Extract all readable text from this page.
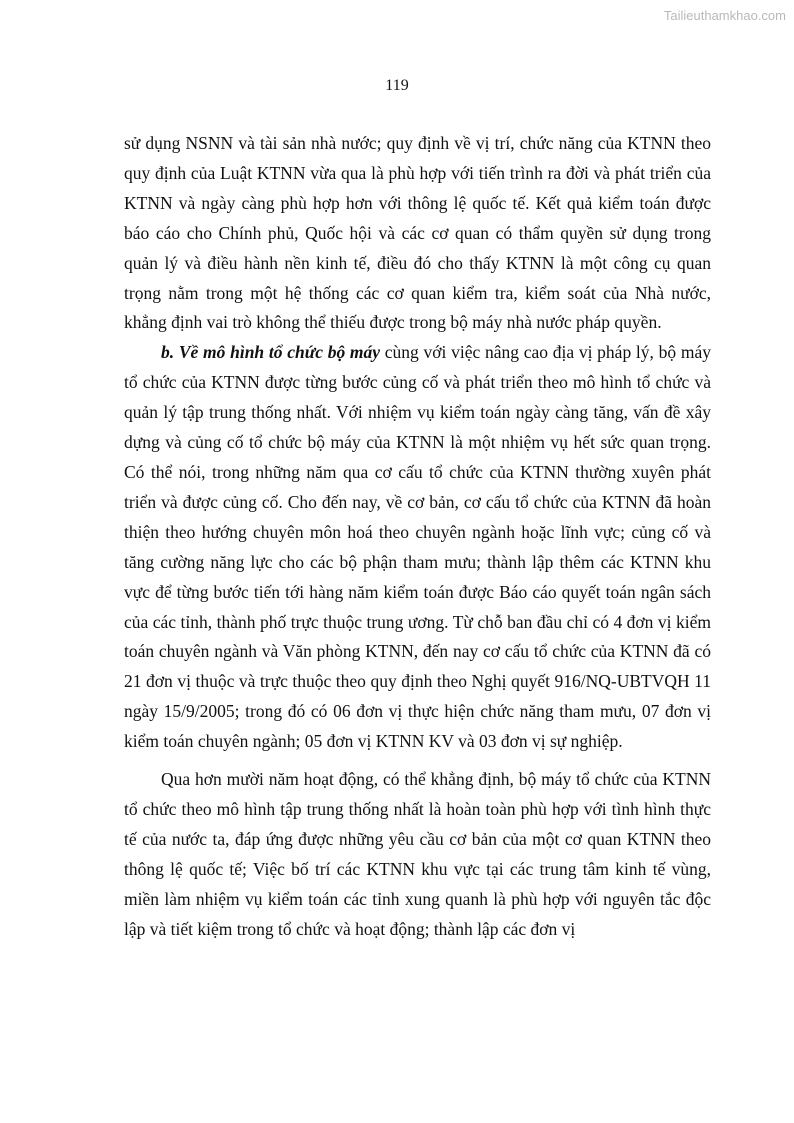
Tailieuthamkhao.com
119

sử dụng NSNN và tài sản nhà nước; quy định về vị trí, chức năng của KTNN theo quy định của Luật KTNN vừa qua là phù hợp với tiến trình ra đời và phát triển của KTNN và ngày càng phù hợp hơn với thông lệ quốc tế. Kết quả kiểm toán được báo cáo cho Chính phủ, Quốc hội và các cơ quan có thẩm quyền sử dụng trong quản lý và điều hành nền kinh tế, điều đó cho thấy KTNN là một công cụ quan trọng nằm trong một hệ thống các cơ quan kiểm tra, kiểm soát của Nhà nước, khẳng định vai trò không thể thiếu được trong bộ máy nhà nước pháp quyền.

b. Về mô hình tổ chức bộ máy cùng với việc nâng cao địa vị pháp lý, bộ máy tổ chức của KTNN được từng bước củng cố và phát triển theo mô hình tổ chức và quản lý tập trung thống nhất. Với nhiệm vụ kiểm toán ngày càng tăng, vấn đề xây dựng và củng cố tổ chức bộ máy của KTNN là một nhiệm vụ hết sức quan trọng. Có thể nói, trong những năm qua cơ cấu tổ chức của KTNN thường xuyên phát triển và được củng cố. Cho đến nay, về cơ bản, cơ cấu tổ chức của KTNN đã hoàn thiện theo hướng chuyên môn hoá theo chuyên ngành hoặc lĩnh vực; củng cố và tăng cường năng lực cho các bộ phận tham mưu; thành lập thêm các KTNN khu vực để từng bước tiến tới hàng năm kiểm toán được Báo cáo quyết toán ngân sách của các tỉnh, thành phố trực thuộc trung ương. Từ chỗ ban đầu chỉ có 4 đơn vị kiểm toán chuyên ngành và Văn phòng KTNN, đến nay cơ cấu tổ chức của KTNN đã có 21 đơn vị thuộc và trực thuộc theo quy định theo Nghị quyết 916/NQ-UBTVQH 11 ngày 15/9/2005; trong đó có 06 đơn vị thực hiện chức năng tham mưu, 07 đơn vị kiểm toán chuyên ngành; 05 đơn vị KTNN KV và 03 đơn vị sự nghiệp.

Qua hơn mười năm hoạt động, có thể khẳng định, bộ máy tổ chức của KTNN tổ chức theo mô hình tập trung thống nhất là hoàn toàn phù hợp với tình hình thực tế của nước ta, đáp ứng được những yêu cầu cơ bản của một cơ quan KTNN theo thông lệ quốc tế; Việc bố trí các KTNN khu vực tại các trung tâm kinh tế vùng, miền làm nhiệm vụ kiểm toán các tỉnh xung quanh là phù hợp với nguyên tắc độc lập và tiết kiệm trong tổ chức và hoạt động; thành lập các đơn vị
